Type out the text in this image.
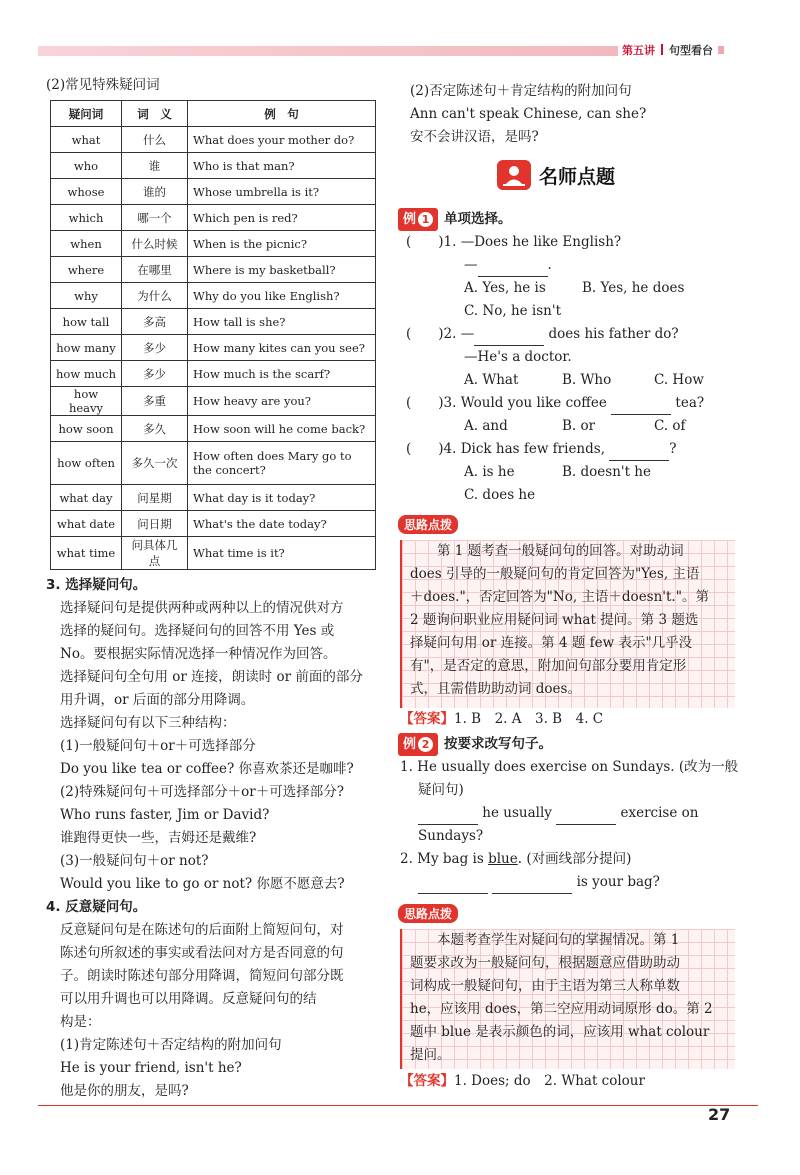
第五讲 句型看台

(2)常见特殊疑问词

疑问词	词　义	例　句
what	什么	What does your mother do?
who	谁	Who is that man?
whose	谁的	Whose umbrella is it?
which	哪一个	Which pen is red?
when	什么时候	When is the picnic?
where	在哪里	Where is my basketball?
why	为什么	Why do you like English?
how tall	多高	How tall is she?
how many	多少	How many kites can you see?
how much	多少	How much is the scarf?
how heavy	多重	How heavy are you?
how soon	多久	How soon will he come back?
how often	多久一次	How often does Mary go to the concert?
what day	问星期	What day is it today?
what date	问日期	What's the date today?
what time	问具体几点	What time is it?

3. 选择疑问句。

选择疑问句是提供两种或两种以上的情况供对方

选择的疑问句。选择疑问句的回答不用 Yes 或

No。要根据实际情况选择一种情况作为回答。

选择疑问句全句用 or 连接，朗读时 or 前面的部分

用升调，or 后面的部分用降调。

选择疑问句有以下三种结构：

(1)一般疑问句＋or＋可选择部分

Do you like tea or coffee? 你喜欢茶还是咖啡?

(2)特殊疑问句＋可选择部分＋or＋可选择部分?

Who runs faster, Jim or David?

谁跑得更快一些，吉姆还是戴维?

(3)一般疑问句＋or not?

Would you like to go or not? 你愿不愿意去?

4. 反意疑问句。

反意疑问句是在陈述句的后面附上简短问句，对

陈述句所叙述的事实或看法问对方是否同意的句

子。朗读时陈述句部分用降调，简短问句部分既

可以用升调也可以用降调。反意疑问句的结

构是：

(1)肯定陈述句＋否定结构的附加问句

He is your friend, isn't he?

他是你的朋友，是吗?

(2)否定陈述句＋肯定结构的附加问句

Ann can't speak Chinese, can she?

安不会讲汉语，是吗?

名师点题

例 1 单项选择。

(　　)1. —Does he like English?

—	.

A. Yes, he is	B. Yes, he does

C. No, he isn't

(　　)2. —	does his father do?

—He's a doctor.

A. What	B. Who	C. How

(　　)3. Would you like coffee	tea?

A. and	B. or	C. of

(　　)4. Dick has few friends,	?

A. is he	B. doesn't he

C. does he

思路点拨

　　第 1 题考查一般疑问句的回答。对助动词

does 引导的一般疑问句的肯定回答为"Yes, 主语

＋does."，否定回答为"No, 主语＋doesn't."。第

2 题询问职业应用疑问词 what 提问。第 3 题选

择疑问句用 or 连接。第 4 题 few 表示"几乎没

有"，是否定的意思，附加问句部分要用肯定形

式，且需借助助动词 does。

【答案】1. B　2. A　3. B　4. C

例 2 按要求改写句子。

1. He usually does exercise on Sundays. (改为一般

疑问句)

he usually	exercise on

Sundays?

2. My bag is blue. (对画线部分提问)

is your bag?

思路点拨

　　本题考查学生对疑问句的掌握情况。第 1

题要求改为一般疑问句，根据题意应借助助动

词构成一般疑问句，由于主语为第三人称单数

he，应该用 does，第二空应用动词原形 do。第 2

题中 blue 是表示颜色的词，应该用 what colour

提问。

【答案】1. Does; do　2. What colour

27
